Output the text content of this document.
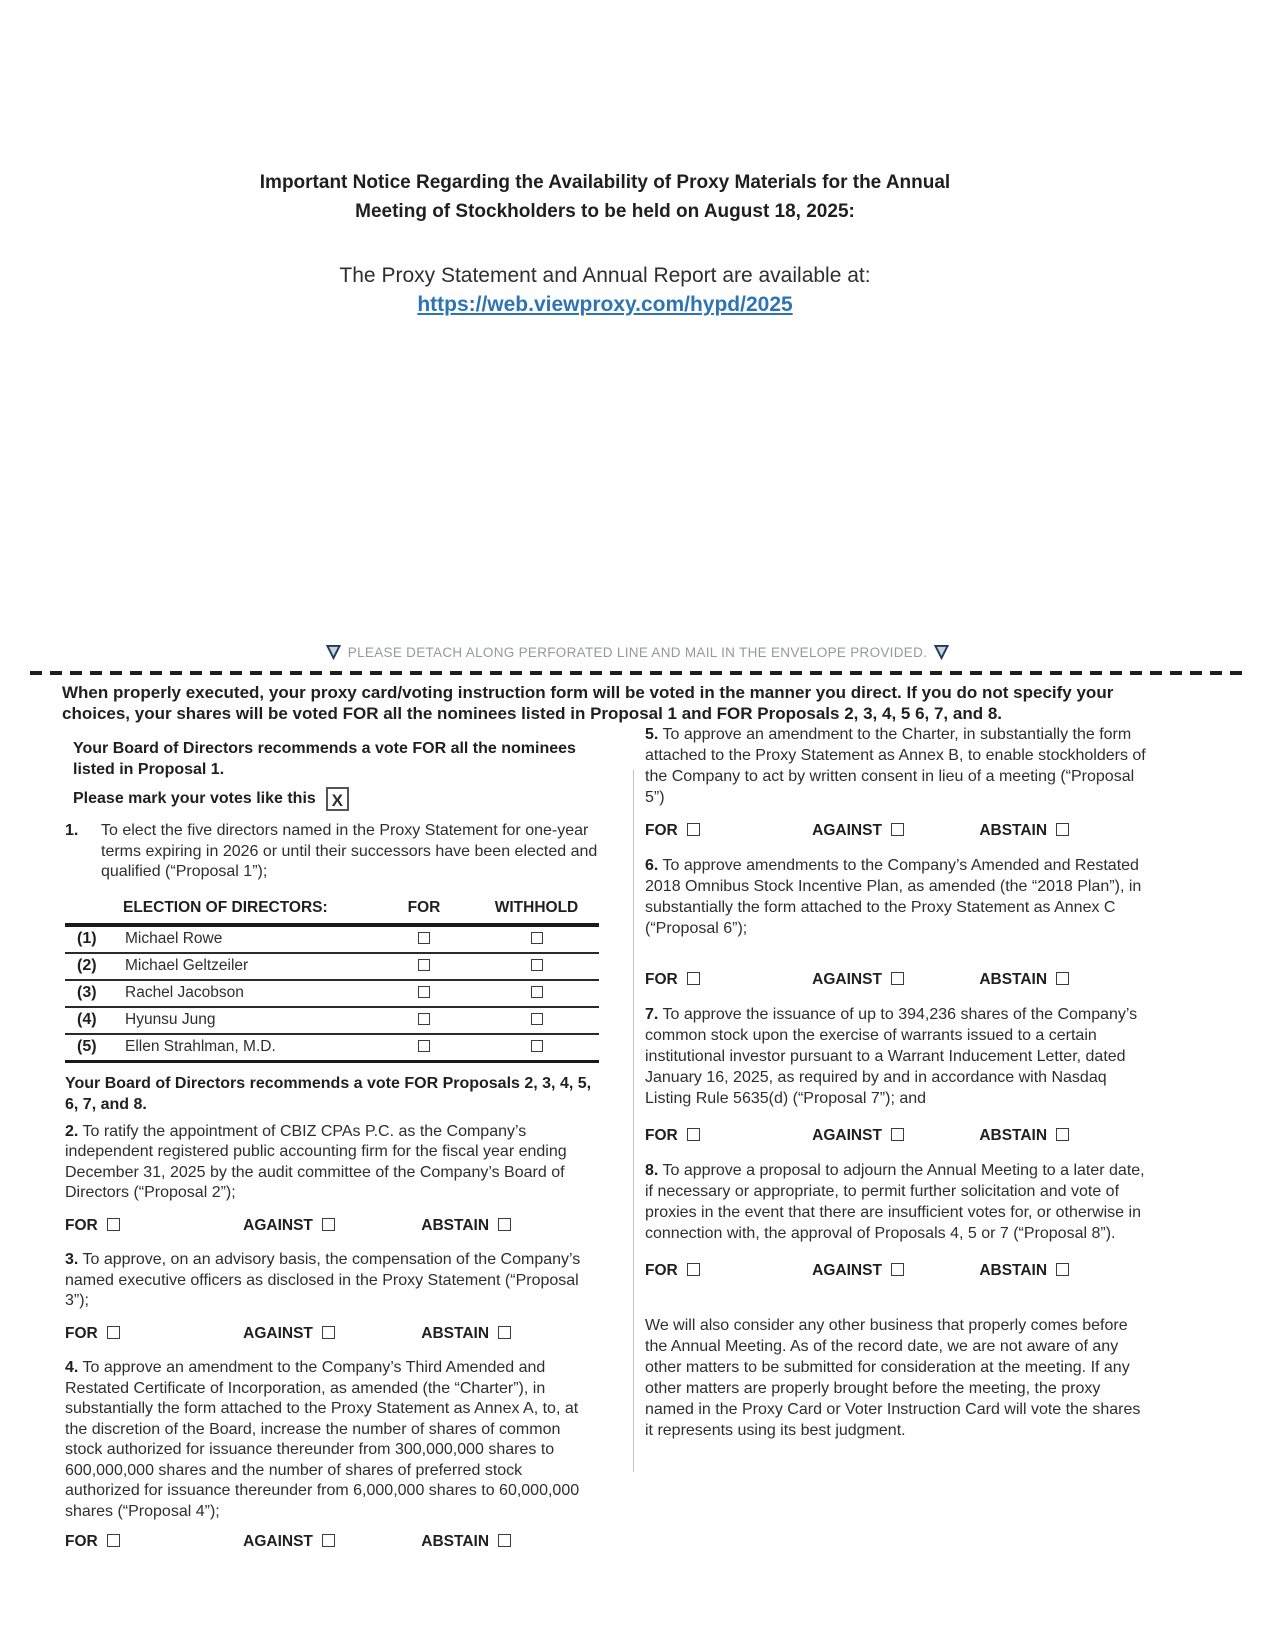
Important Notice Regarding the Availability of Proxy Materials for the Annual Meeting of Stockholders to be held on August 18, 2025:
The Proxy Statement and Annual Report are available at:
https://web.viewproxy.com/hypd/2025
PLEASE DETACH ALONG PERFORATED LINE AND MAIL IN THE ENVELOPE PROVIDED.
When properly executed, your proxy card/voting instruction form will be voted in the manner you direct. If you do not specify your choices, your shares will be voted FOR all the nominees listed in Proposal 1 and FOR Proposals 2, 3, 4, 5 6, 7, and 8.

Your Board of Directors recommends a vote FOR all the nominees listed in Proposal 1.

Please mark your votes like this X
1.	To elect the five directors named in the Proxy Statement for one-year terms expiring in 2026 or until their successors have been elected and qualified (“Proposal 1”);
ELECTION OF DIRECTORS:	FOR	WITHHOLD
(1)	Michael Rowe
(2)	Michael Geltzeiler
(3)	Rachel Jacobson
(4)	Hyunsu Jung
(5)	Ellen Strahlman, M.D.

Your Board of Directors recommends a vote FOR Proposals 2, 3, 4, 5, 6, 7, and 8.

2. To ratify the appointment of CBIZ CPAs P.C. as the Company’s independent registered public accounting firm for the fiscal year ending December 31, 2025 by the audit committee of the Company’s Board of Directors (“Proposal 2”);

FOR	AGAINST	ABSTAIN

3. To approve, on an advisory basis, the compensation of the Company’s named executive officers as disclosed in the Proxy Statement (“Proposal 3”);

FOR	AGAINST	ABSTAIN

4. To approve an amendment to the Company’s Third Amended and Restated Certificate of Incorporation, as amended (the “Charter”), in substantially the form attached to the Proxy Statement as Annex A, to, at the discretion of the Board, increase the number of shares of common stock authorized for issuance thereunder from 300,000,000 shares to 600,000,000 shares and the number of shares of preferred stock authorized for issuance thereunder from 6,000,000 shares to 60,000,000 shares (“Proposal 4”);

FOR	AGAINST	ABSTAIN

5. To approve an amendment to the Charter, in substantially the form attached to the Proxy Statement as Annex B, to enable stockholders of the Company to act by written consent in lieu of a meeting (“Proposal 5”)

FOR	AGAINST	ABSTAIN

6. To approve amendments to the Company’s Amended and Restated 2018 Omnibus Stock Incentive Plan, as amended (the “2018 Plan”), in substantially the form attached to the Proxy Statement as Annex C (“Proposal 6”);

FOR	AGAINST	ABSTAIN

7. To approve the issuance of up to 394,236 shares of the Company’s common stock upon the exercise of warrants issued to a certain institutional investor pursuant to a Warrant Inducement Letter, dated January 16, 2025, as required by and in accordance with Nasdaq Listing Rule 5635(d) (“Proposal 7”); and

FOR	AGAINST	ABSTAIN

8. To approve a proposal to adjourn the Annual Meeting to a later date, if necessary or appropriate, to permit further solicitation and vote of proxies in the event that there are insufficient votes for, or otherwise in connection with, the approval of Proposals 4, 5 or 7 (“Proposal 8”).

FOR	AGAINST	ABSTAIN

We will also consider any other business that properly comes before the Annual Meeting. As of the record date, we are not aware of any other matters to be submitted for consideration at the meeting. If any other matters are properly brought before the meeting, the proxy named in the Proxy Card or Voter Instruction Card will vote the shares it represents using its best judgment.
